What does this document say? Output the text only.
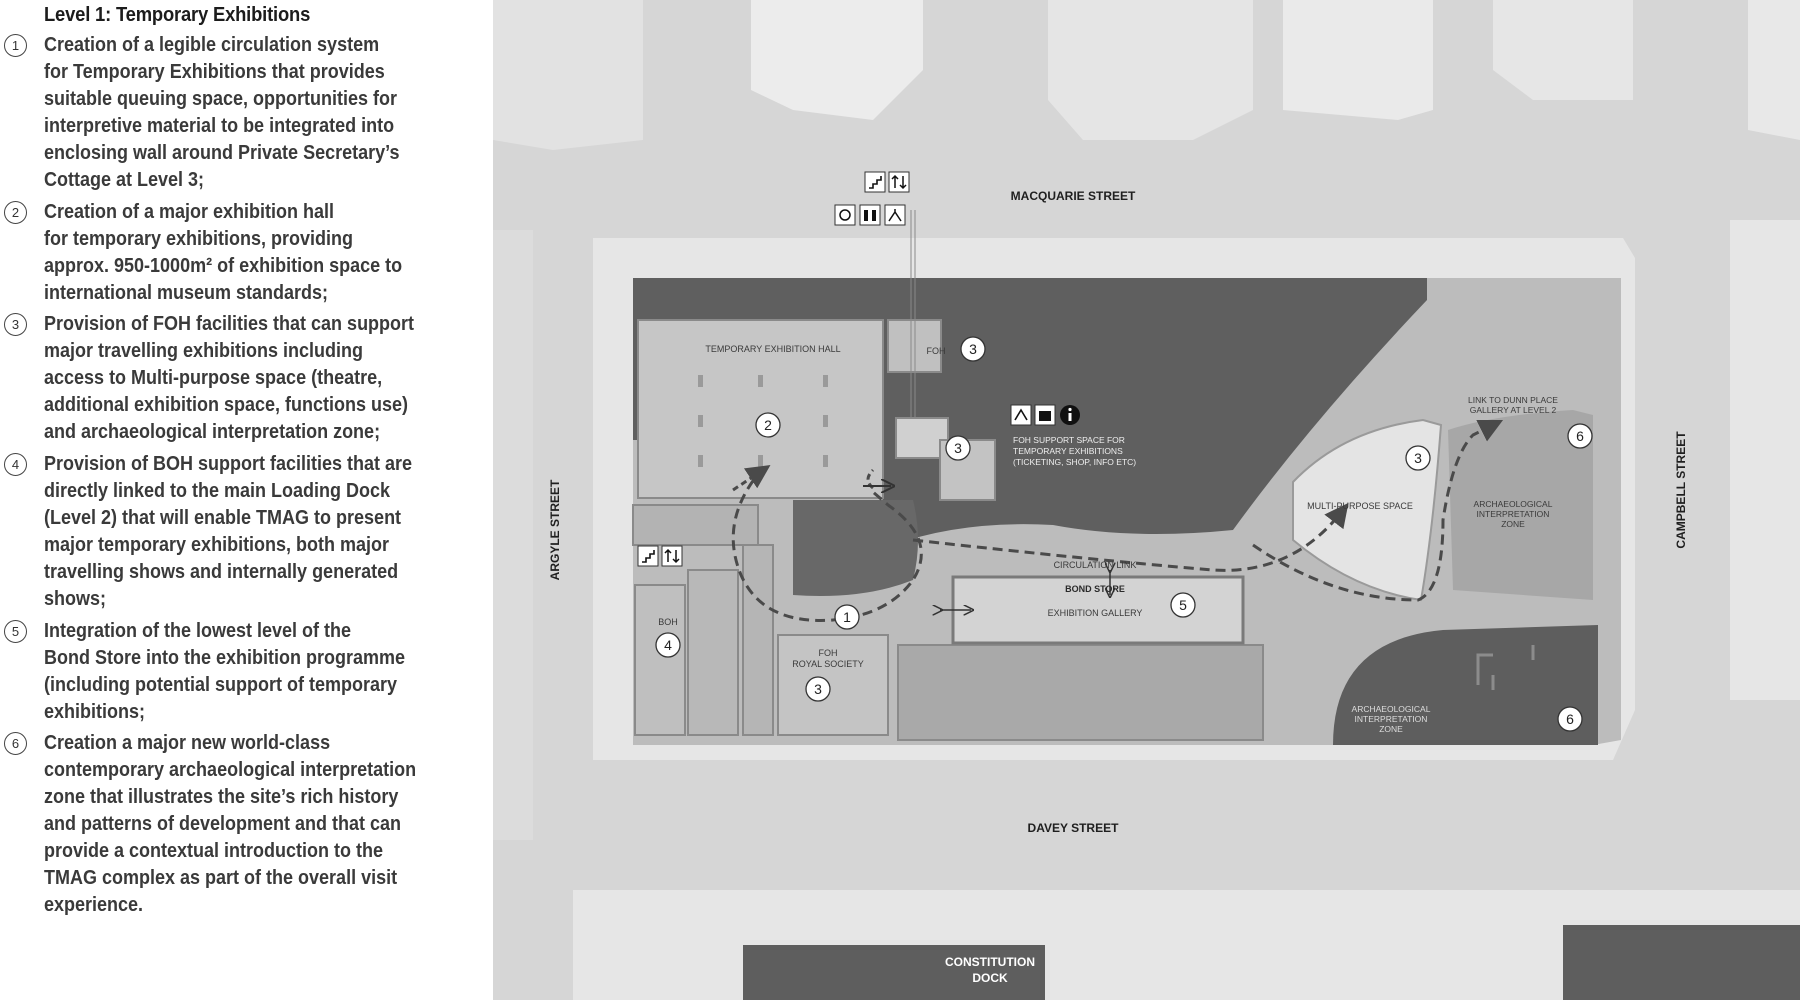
Level 1: Temporary Exhibitions
1	Creation of a legible circulation system
for Temporary Exhibitions that provides
suitable queuing space, opportunities for
interpretive material to be integrated into
enclosing wall around Private Secretary’s
Cottage at Level 3;
2	Creation of a major exhibition hall
for temporary exhibitions, providing
approx. 950-1000m² of exhibition space to
international museum standards;
3	Provision of FOH facilities that can support
major travelling exhibitions including
access to Multi-purpose space (theatre,
additional exhibition space, functions use)
and archaeological interpretation zone;
4	Provision of BOH support facilities that are
directly linked to the main Loading Dock
(Level 2) that will enable TMAG to present
major temporary exhibitions, both major
travelling shows and internally generated
shows;
5	Integration of the lowest level of the
Bond Store into the exhibition programme
(including potential support of temporary
exhibitions;
6	Creation a major new world-class
contemporary archaeological interpretation
zone that illustrates the site’s rich history
and patterns of development and that can
provide a contextual introduction to the
TMAG complex as part of the overall visit
experience.
MACQUARIE STREET
ARGYLE STREET	CAMPBELL STREET
DAVEY STREET
CONSTITUTION
DOCK
TEMPORARY EXHIBITION HALL	FOH
FOH SUPPORT SPACE FOR
TEMPORARY EXHIBITIONS
(TICKETING, SHOP, INFO ETC)
MULTI-PURPOSE SPACE
LINK TO DUNN PLACE
GALLERY AT LEVEL 2
ARCHAEOLOGICAL
INTERPRETATION
ZONE
ARCHAEOLOGICAL
INTERPRETATION
ZONE
CIRCULATION LINK
BOND STORE
EXHIBITION GALLERY
BOH
FOH
ROYAL SOCIETY
1
2
3
3
3
3
4
5
6
6
